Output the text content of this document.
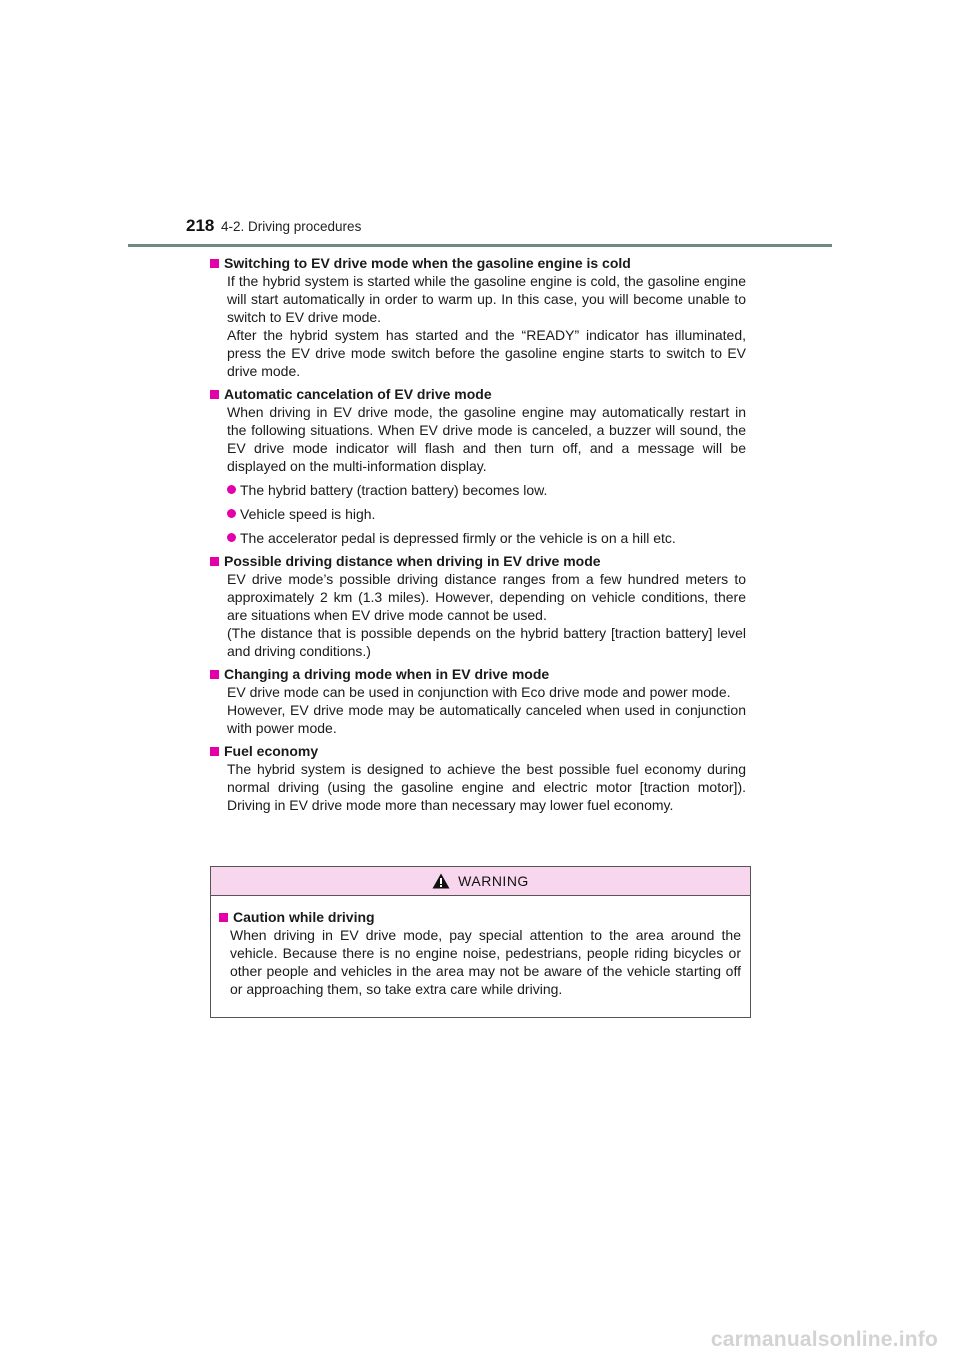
218 4-2. Driving procedures
Switching to EV drive mode when the gasoline engine is cold
If the hybrid system is started while the gasoline engine is cold, the gasoline engine will start automatically in order to warm up. In this case, you will become unable to switch to EV drive mode.
After the hybrid system has started and the “READY” indicator has illuminated, press the EV drive mode switch before the gasoline engine starts to switch to EV drive mode.
Automatic cancelation of EV drive mode
When driving in EV drive mode, the gasoline engine may automatically restart in the following situations. When EV drive mode is canceled, a buzzer will sound, the EV drive mode indicator will flash and then turn off, and a message will be displayed on the multi-information display.
The hybrid battery (traction battery) becomes low.
Vehicle speed is high.
The accelerator pedal is depressed firmly or the vehicle is on a hill etc.
Possible driving distance when driving in EV drive mode
EV drive mode’s possible driving distance ranges from a few hundred meters to approximately 2 km (1.3 miles). However, depending on vehicle conditions, there are situations when EV drive mode cannot be used.
(The distance that is possible depends on the hybrid battery [traction battery] level and driving conditions.)
Changing a driving mode when in EV drive mode
EV drive mode can be used in conjunction with Eco drive mode and power mode.
However, EV drive mode may be automatically canceled when used in conjunction with power mode.
Fuel economy
The hybrid system is designed to achieve the best possible fuel economy during normal driving (using the gasoline engine and electric motor [traction motor]). Driving in EV drive mode more than necessary may lower fuel economy.
WARNING
Caution while driving
When driving in EV drive mode, pay special attention to the area around the vehicle. Because there is no engine noise, pedestrians, people riding bicycles or other people and vehicles in the area may not be aware of the vehicle starting off or approaching them, so take extra care while driving.
carmanualsonline.info
